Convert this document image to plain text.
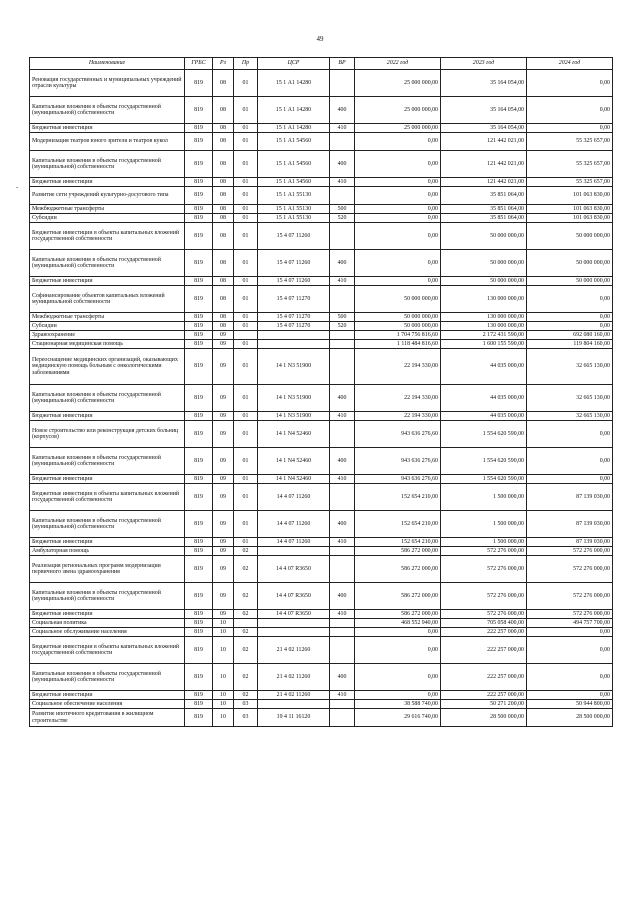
49
-
Наименование	ГРБС	Рз	Пр	ЦСР	ВР	2022 год	2023 год	2024 год
Реновация государственных и муниципальных учреждений отрасли культуры	819	08	01	15 1 А1 14280		25 000 000,00	35 164 054,00	0,00
Капитальные вложения в объекты государственной (муниципальной) собственности	819	08	01	15 1 А1 14280	400	25 000 000,00	35 164 054,00	0,00
Бюджетные инвестиции	819	08	01	15 1 А1 14280	410	25 000 000,00	35 164 054,00	0,00
Модернизация театров юного зрителя и театров кукол	819	08	01	15 1 А1 54560		0,00	121 442 021,00	55 325 657,00
Капитальные вложения в объекты государственной (муниципальной) собственности	819	08	01	15 1 А1 54560	400	0,00	121 442 021,00	55 325 657,00
Бюджетные инвестиции	819	08	01	15 1 А1 54560	410	0,00	121 442 021,00	55 325 657,00
Развитие сети учреждений культурно-досугового типа	819	08	01	15 1 А1 55130		0,00	35 851 064,00	101 063 830,00
Межбюджетные трансферты	819	08	01	15 1 А1 55130	500	0,00	35 851 064,00	101 063 830,00
Субсидии	819	08	01	15 1 А1 55130	520	0,00	35 851 064,00	101 063 830,00
Бюджетные инвестиции в объекты капитальных вложений государственной собственности	819	08	01	15 4 07 11260		0,00	50 000 000,00	50 000 000,00
Капитальные вложения в объекты государственной (муниципальной) собственности	819	08	01	15 4 07 11260	400	0,00	50 000 000,00	50 000 000,00
Бюджетные инвестиции	819	08	01	15 4 07 11260	410	0,00	50 000 000,00	50 000 000,00
Софинансирование объектов капитальных вложений муниципальной собственности	819	08	01	15 4 07 11270		50 000 000,00	130 000 000,00	0,00
Межбюджетные трансферты	819	08	01	15 4 07 11270	500	50 000 000,00	130 000 000,00	0,00
Субсидии	819	08	01	15 4 07 11270	520	50 000 000,00	130 000 000,00	0,00
Здравоохранение	819	09				1 704 756 816,60	2 172 431 590,00	692 080 160,00
Стационарная медицинская помощь	819	09	01			1 118 484 816,60	1 600 155 590,00	119 804 160,00
Переоснащение медицинских организаций, оказывающих медицинскую помощь больным с онкологическими заболеваниями	819	09	01	14 1 N3 51900		22 194 330,00	44 035 000,00	32 665 130,00
Капитальные вложения в объекты государственной (муниципальной) собственности	819	09	01	14 1 N3 51900	400	22 194 330,00	44 035 000,00	32 665 130,00
Бюджетные инвестиции	819	09	01	14 1 N3 51900	410	22 194 330,00	44 035 000,00	32 665 130,00
Новое строительство или реконструкция детских больниц (корпусов)	819	09	01	14 1 N4 52460		943 636 276,60	1 554 620 590,00	0,00
Капитальные вложения в объекты государственной (муниципальной) собственности	819	09	01	14 1 N4 52460	400	943 636 276,60	1 554 620 590,00	0,00
Бюджетные инвестиции	819	09	01	14 1 N4 52460	410	943 636 276,60	1 554 620 590,00	0,00
Бюджетные инвестиции в объекты капитальных вложений государственной собственности	819	09	01	14 4 07 11260		152 654 210,00	1 500 000,00	87 139 030,00
Капитальные вложения в объекты государственной (муниципальной) собственности	819	09	01	14 4 07 11260	400	152 654 210,00	1 500 000,00	87 139 030,00
Бюджетные инвестиции	819	09	01	14 4 07 11260	410	152 654 210,00	1 500 000,00	87 139 030,00
Амбулаторная помощь	819	09	02			586 272 000,00	572 276 000,00	572 276 000,00
Реализация региональных программ модернизации первичного звена здравоохранения	819	09	02	14 4 07 R3650		586 272 000,00	572 276 000,00	572 276 000,00
Капитальные вложения в объекты государственной (муниципальной) собственности	819	09	02	14 4 07 R3650	400	586 272 000,00	572 276 000,00	572 276 000,00
Бюджетные инвестиции	819	09	02	14 4 07 R3650	410	586 272 000,00	572 276 000,00	572 276 000,00
Социальная политика	819	10				468 552 940,00	705 058 400,00	494 757 700,00
Социальное обслуживание населения	819	10	02			0,00	222 257 000,00	0,00
Бюджетные инвестиции в объекты капитальных вложений государственной собственности	819	10	02	21 4 02 11260		0,00	222 257 000,00	0,00
Капитальные вложения в объекты государственной (муниципальной) собственности	819	10	02	21 4 02 11260	400	0,00	222 257 000,00	0,00
Бюджетные инвестиции	819	10	02	21 4 02 11260	410	0,00	222 257 000,00	0,00
Социальное обеспечение населения	819	10	03			38 588 740,00	50 271 200,00	50 944 800,00
Развитие ипотечного кредитования в жилищном строительстве	819	10	03	19 4 11 16120		29 616 740,00	28 500 000,00	28 500 000,00
